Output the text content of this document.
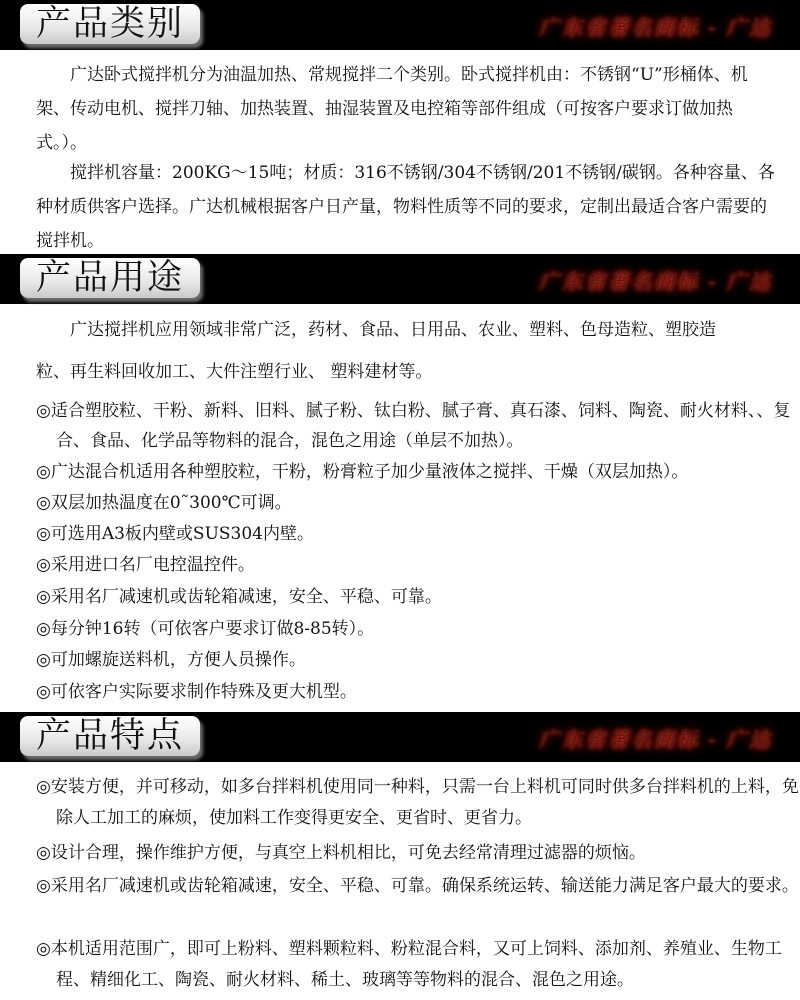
产品类别	广东省著名商标 - 广达

广达卧式搅拌机分为油温加热、常规搅拌二个类别。卧式搅拌机由：不锈钢“U”形桶体、机架、传动电机、搅拌刀轴、加热装置、抽湿装置及电控箱等部件组成（可按客户要求订做加热式。）。

搅拌机容量：200KG～15吨；材质：316不锈钢/304不锈钢/201不锈钢/碳钢。各种容量、各种材质供客户选择。广达机械根据客户日产量，物料性质等不同的要求，定制出最适合客户需要的搅拌机。

产品用途	广东省著名商标 - 广达

广达搅拌机应用领域非常广泛，药材、食品、日用品、农业、塑料、色母造粒、塑胶造

粒、再生料回收加工、大件注塑行业、 塑料建材等。

◎适合塑胶粒、干粉、新料、旧料、腻子粉、钛白粉、腻子膏、真石漆、饲料、陶瓷、耐火材料、、复合、食品、化学品等物料的混合，混色之用途（单层不加热）。

◎广达混合机适用各种塑胶粒，干粉，粉膏粒子加少量液体之搅拌、干燥（双层加热）。

◎双层加热温度在0˜300℃可调。

◎可选用A3板内壁或SUS304内壁。

◎采用进口名厂电控温控件。

◎采用名厂减速机或齿轮箱减速，安全、平稳、可靠。

◎每分钟16转（可依客户要求订做8-85转）。

◎可加螺旋送料机，方便人员操作。

◎可依客户实际要求制作特殊及更大机型。

产品特点	广东省著名商标 - 广达

◎安装方便，并可移动，如多台拌料机使用同一种料，只需一台上料机可同时供多台拌料机的上料，免除人工加工的麻烦，使加料工作变得更安全、更省时、更省力。

◎设计合理，操作维护方便，与真空上料机相比，可免去经常清理过滤器的烦恼。

◎采用名厂减速机或齿轮箱减速，安全、平稳、可靠。确保系统运转、输送能力满足客户最大的要求。

◎本机适用范围广，即可上粉料、塑料颗粒料、粉粒混合料，又可上饲料、添加剂、养殖业、生物工程、精细化工、陶瓷、耐火材料、稀土、玻璃等等物料的混合、混色之用途。
